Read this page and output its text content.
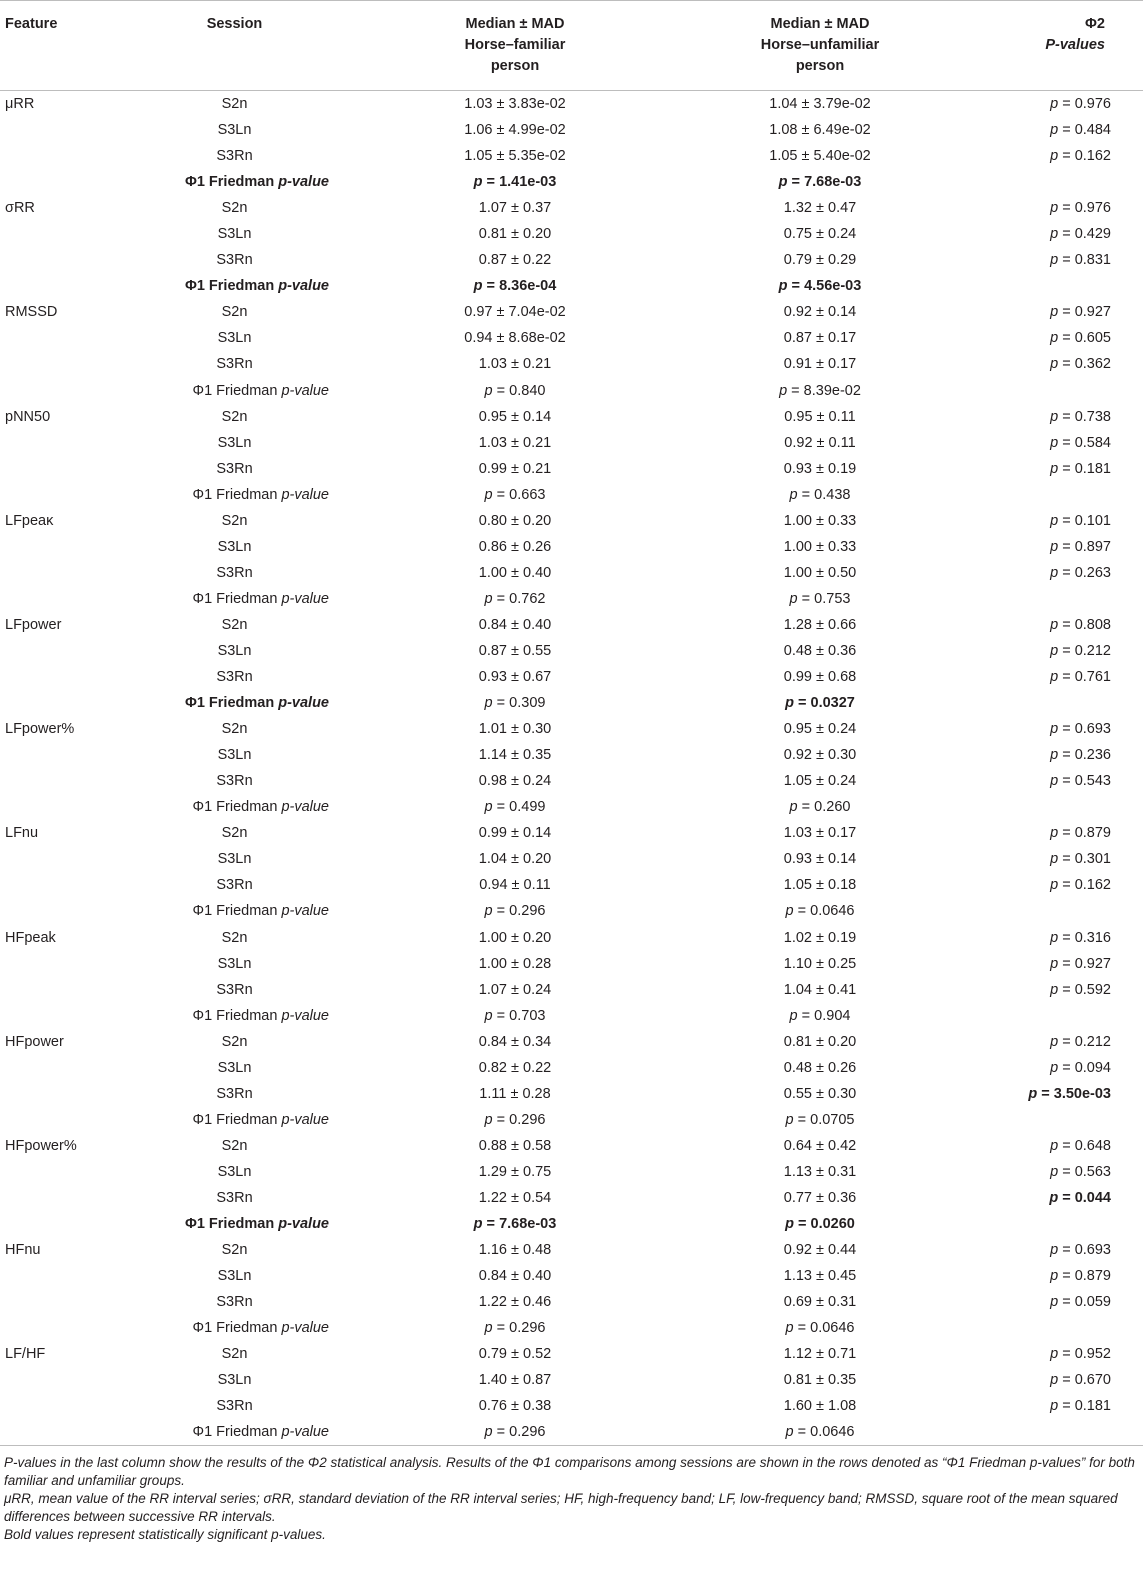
Feature	Session	Median ± MAD
Horse–familiar
person	Median ± MAD
Horse–unfamiliar
person	Φ2
P-values

μRR	S2n	1.03 ± 3.83e-02	1.04 ± 3.79e-02	p = 0.976
	S3Ln	1.06 ± 4.99e-02	1.08 ± 6.49e-02	p = 0.484
	S3Rn	1.05 ± 5.35e-02	1.05 ± 5.40e-02	p = 0.162
	Φ1 Friedman p-value	p = 1.41e-03	p = 7.68e-03	
σRR	S2n	1.07 ± 0.37	1.32 ± 0.47	p = 0.976
	S3Ln	0.81 ± 0.20	0.75 ± 0.24	p = 0.429
	S3Rn	0.87 ± 0.22	0.79 ± 0.29	p = 0.831
	Φ1 Friedman p-value	p = 8.36e-04	p = 4.56e-03	
RMSSD	S2n	0.97 ± 7.04e-02	0.92 ± 0.14	p = 0.927
	S3Ln	0.94 ± 8.68e-02	0.87 ± 0.17	p = 0.605
	S3Rn	1.03 ± 0.21	0.91 ± 0.17	p = 0.362
	Φ1 Friedman p-value	p = 0.840	p = 8.39e-02	
pNN50	S2n	0.95 ± 0.14	0.95 ± 0.11	p = 0.738
	S3Ln	1.03 ± 0.21	0.92 ± 0.11	p = 0.584
	S3Rn	0.99 ± 0.21	0.93 ± 0.19	p = 0.181
	Φ1 Friedman p-value	p = 0.663	p = 0.438	
LFpeaκ	S2n	0.80 ± 0.20	1.00 ± 0.33	p = 0.101
	S3Ln	0.86 ± 0.26	1.00 ± 0.33	p = 0.897
	S3Rn	1.00 ± 0.40	1.00 ± 0.50	p = 0.263
	Φ1 Friedman p-value	p = 0.762	p = 0.753	
LFpower	S2n	0.84 ± 0.40	1.28 ± 0.66	p = 0.808
	S3Ln	0.87 ± 0.55	0.48 ± 0.36	p = 0.212
	S3Rn	0.93 ± 0.67	0.99 ± 0.68	p = 0.761
	Φ1 Friedman p-value	p = 0.309	p = 0.0327	
LFpower%	S2n	1.01 ± 0.30	0.95 ± 0.24	p = 0.693
	S3Ln	1.14 ± 0.35	0.92 ± 0.30	p = 0.236
	S3Rn	0.98 ± 0.24	1.05 ± 0.24	p = 0.543
	Φ1 Friedman p-value	p = 0.499	p = 0.260	
LFnu	S2n	0.99 ± 0.14	1.03 ± 0.17	p = 0.879
	S3Ln	1.04 ± 0.20	0.93 ± 0.14	p = 0.301
	S3Rn	0.94 ± 0.11	1.05 ± 0.18	p = 0.162
	Φ1 Friedman p-value	p = 0.296	p = 0.0646	
HFpeak	S2n	1.00 ± 0.20	1.02 ± 0.19	p = 0.316
	S3Ln	1.00 ± 0.28	1.10 ± 0.25	p = 0.927
	S3Rn	1.07 ± 0.24	1.04 ± 0.41	p = 0.592
	Φ1 Friedman p-value	p = 0.703	p = 0.904	
HFpower	S2n	0.84 ± 0.34	0.81 ± 0.20	p = 0.212
	S3Ln	0.82 ± 0.22	0.48 ± 0.26	p = 0.094
	S3Rn	1.11 ± 0.28	0.55 ± 0.30	p = 3.50e-03
	Φ1 Friedman p-value	p = 0.296	p = 0.0705	
HFpower%	S2n	0.88 ± 0.58	0.64 ± 0.42	p = 0.648
	S3Ln	1.29 ± 0.75	1.13 ± 0.31	p = 0.563
	S3Rn	1.22 ± 0.54	0.77 ± 0.36	p = 0.044
	Φ1 Friedman p-value	p = 7.68e-03	p = 0.0260	
HFnu	S2n	1.16 ± 0.48	0.92 ± 0.44	p = 0.693
	S3Ln	0.84 ± 0.40	1.13 ± 0.45	p = 0.879
	S3Rn	1.22 ± 0.46	0.69 ± 0.31	p = 0.059
	Φ1 Friedman p-value	p = 0.296	p = 0.0646	
LF/HF	S2n	0.79 ± 0.52	1.12 ± 0.71	p = 0.952
	S3Ln	1.40 ± 0.87	0.81 ± 0.35	p = 0.670
	S3Rn	0.76 ± 0.38	1.60 ± 1.08	p = 0.181
	Φ1 Friedman p-value	p = 0.296	p = 0.0646	

P-values in the last column show the results of the Φ2 statistical analysis. Results of the Φ1 comparisons among sessions are shown in the rows denoted as “Φ1 Friedman p-values” for both familiar and unfamiliar groups.

μRR, mean value of the RR interval series; σRR, standard deviation of the RR interval series; HF, high-frequency band; LF, low-frequency band; RMSSD, square root of the mean squared differences between successive RR intervals.

Bold values represent statistically significant p-values.
